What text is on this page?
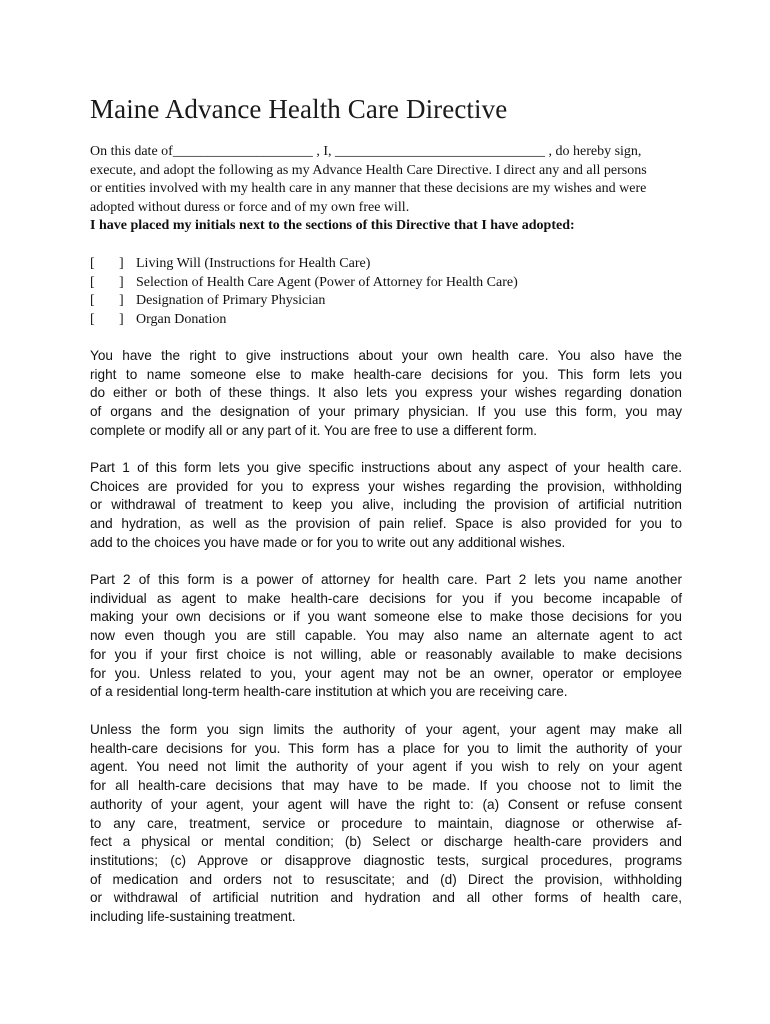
Maine Advance Health Care Directive
On this date of____________________ , I, ______________________________ , do hereby sign,
execute, and adopt the following as my Advance Health Care Directive. I direct any and all persons
or entities involved with my health care in any manner that these decisions are my wishes and were
adopted without duress or force and of my own free will.
I have placed my initials next to the sections of this Directive that I have adopted:
[ ] Living Will (Instructions for Health Care)
[ ] Selection of Health Care Agent (Power of Attorney for Health Care)
[ ] Designation of Primary Physician
[ ] Organ Donation
You have the right to give instructions about your own health care. You also have the
right to name someone else to make health-care decisions for you. This form lets you
do either or both of these things. It also lets you express your wishes regarding donation
of organs and the designation of your primary physician. If you use this form, you may
complete or modify all or any part of it. You are free to use a different form.
Part 1 of this form lets you give specific instructions about any aspect of your health care.
Choices are provided for you to express your wishes regarding the provision, withholding
or withdrawal of treatment to keep you alive, including the provision of artificial nutrition
and hydration, as well as the provision of pain relief. Space is also provided for you to
add to the choices you have made or for you to write out any additional wishes.
Part 2 of this form is a power of attorney for health care. Part 2 lets you name another
individual as agent to make health-care decisions for you if you become incapable of
making your own decisions or if you want someone else to make those decisions for you
now even though you are still capable. You may also name an alternate agent to act
for you if your first choice is not willing, able or reasonably available to make decisions
for you. Unless related to you, your agent may not be an owner, operator or employee
of a residential long-term health-care institution at which you are receiving care.
Unless the form you sign limits the authority of your agent, your agent may make all
health-care decisions for you. This form has a place for you to limit the authority of your
agent. You need not limit the authority of your agent if you wish to rely on your agent
for all health-care decisions that may have to be made. If you choose not to limit the
authority of your agent, your agent will have the right to: (a) Consent or refuse consent
to any care, treatment, service or procedure to maintain, diagnose or otherwise af-
fect a physical or mental condition; (b) Select or discharge health-care providers and
institutions; (c) Approve or disapprove diagnostic tests, surgical procedures, programs
of medication and orders not to resuscitate; and (d) Direct the provision, withholding
or withdrawal of artificial nutrition and hydration and all other forms of health care,
including life-sustaining treatment.
